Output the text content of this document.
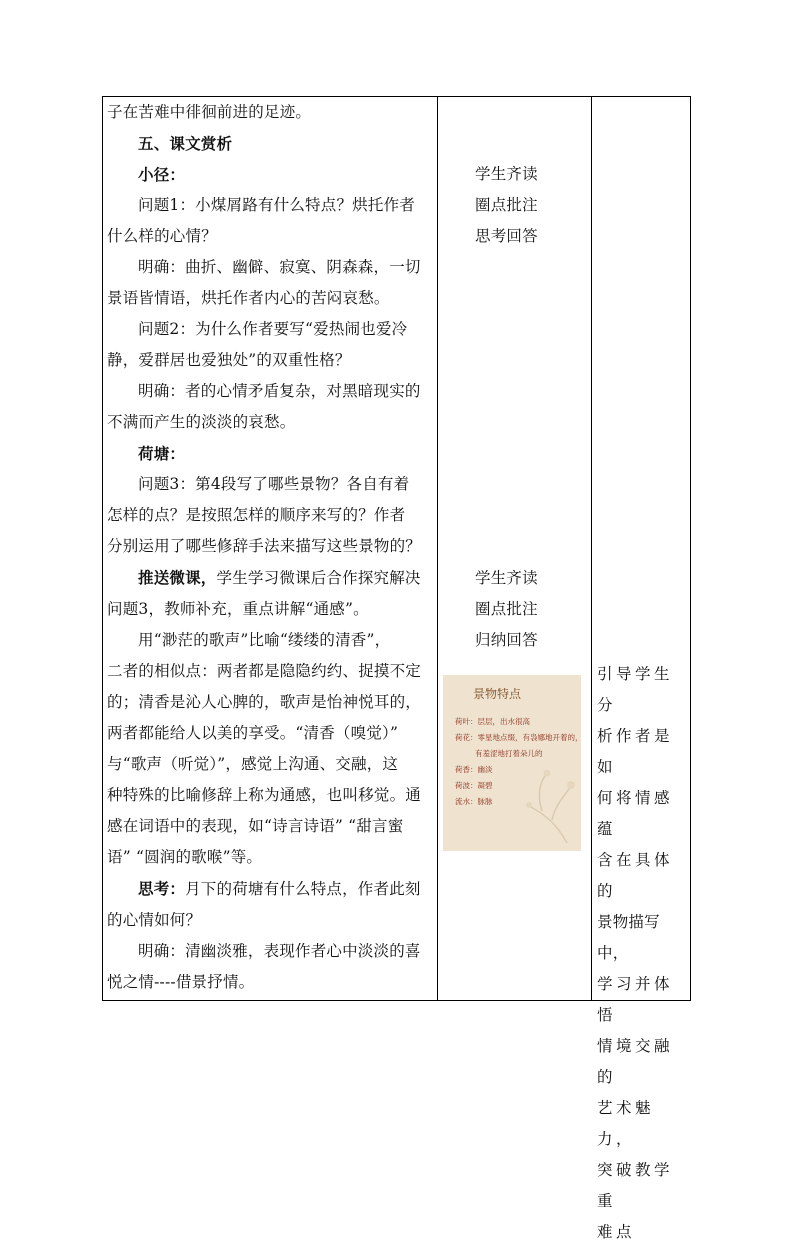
子在苦难中徘徊前进的足迹。

五、课文赏析

小径：

问题1：小煤屑路有什么特点？烘托作者

什么样的心情？

明确：曲折、幽僻、寂寞、阴森森，一切

景语皆情语，烘托作者内心的苦闷哀愁。

问题2：为什么作者要写“爱热闹也爱冷

静，爱群居也爱独处”的双重性格？

明确：者的心情矛盾复杂，对黑暗现实的

不满而产生的淡淡的哀愁。

荷塘：

问题3：第4段写了哪些景物？各自有着

怎样的点？是按照怎样的顺序来写的？作者

分别运用了哪些修辞手法来描写这些景物的？

推送微课，学生学习微课后合作探究解决

问题3，教师补充，重点讲解“通感”。

用“渺茫的歌声”比喻“缕缕的清香”，

二者的相似点：两者都是隐隐约约、捉摸不定

的；清香是沁人心脾的，歌声是怡神悦耳的，

两者都能给人以美的享受。“清香（嗅觉）”

与“歌声（听觉）”，感觉上沟通、交融，这

种特殊的比喻修辞上称为通感，也叫移觉。通

感在词语中的表现，如“诗言诗语” “甜言蜜

语” “圆润的歌喉”等。

思考：月下的荷塘有什么特点，作者此刻

的心情如何？

明确：清幽淡雅，表现作者心中淡淡的喜

悦之情----借景抒情。

学生齐读

圈点批注

思考回答

学生齐读

圈点批注

归纳回答

景物特点

荷叶：层层，出水很高

荷花：零星地点缀，有袅娜地开着的，

有羞涩地打着朵儿的

荷香：幽淡

荷波：凝碧

流水：脉脉

引导学生分

析作者是如

何将情感蕴

含在具体的

景物描写中，

学习并体悟

情境交融的

艺术魅力，

突破教学重

难点
